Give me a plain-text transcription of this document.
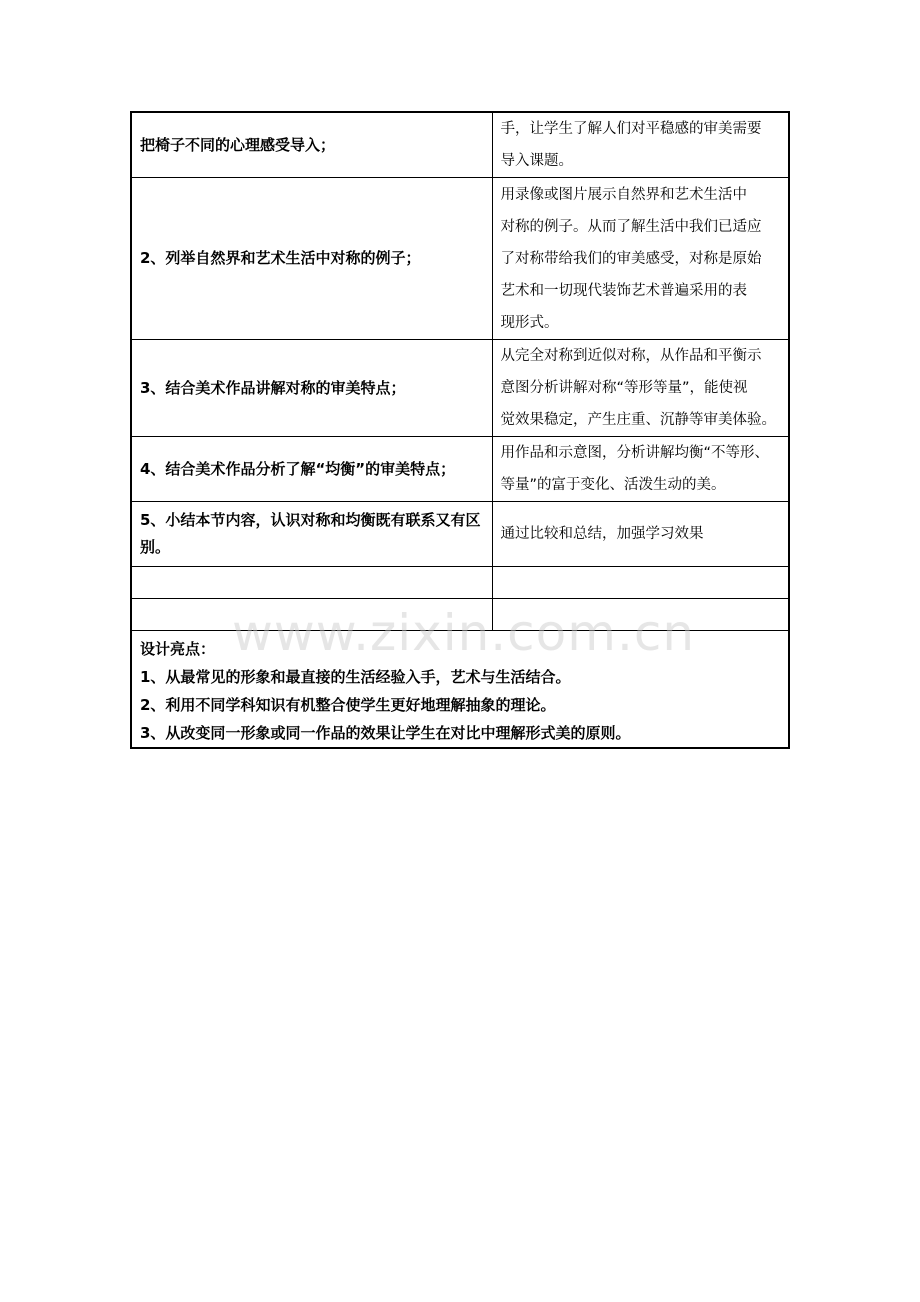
把椅子不同的心理感受导入；	手，让学生了解人们对平稳感的审美需要
导入课题。

2、列举自然界和艺术生活中对称的例子；	用录像或图片展示自然界和艺术生活中
对称的例子。从而了解生活中我们已适应
了对称带给我们的审美感受，对称是原始
艺术和一切现代装饰艺术普遍采用的表
现形式。

3、结合美术作品讲解对称的审美特点；	从完全对称到近似对称，从作品和平衡示
意图分析讲解对称“等形等量”，能使视
觉效果稳定，产生庄重、沉静等审美体验。

4、结合美术作品分析了解“均衡”的审美特点；	用作品和示意图，分析讲解均衡“不等形、
等量”的富于变化、活泼生动的美。

5、小结本节内容，认识对称和均衡既有联系又有区别。	通过比较和总结，加强学习效果

设计亮点：
1、从最常见的形象和最直接的生活经验入手，艺术与生活结合。
2、利用不同学科知识有机整合使学生更好地理解抽象的理论。
3、从改变同一形象或同一作品的效果让学生在对比中理解形式美的原则。	
www.zixin.com.cn
